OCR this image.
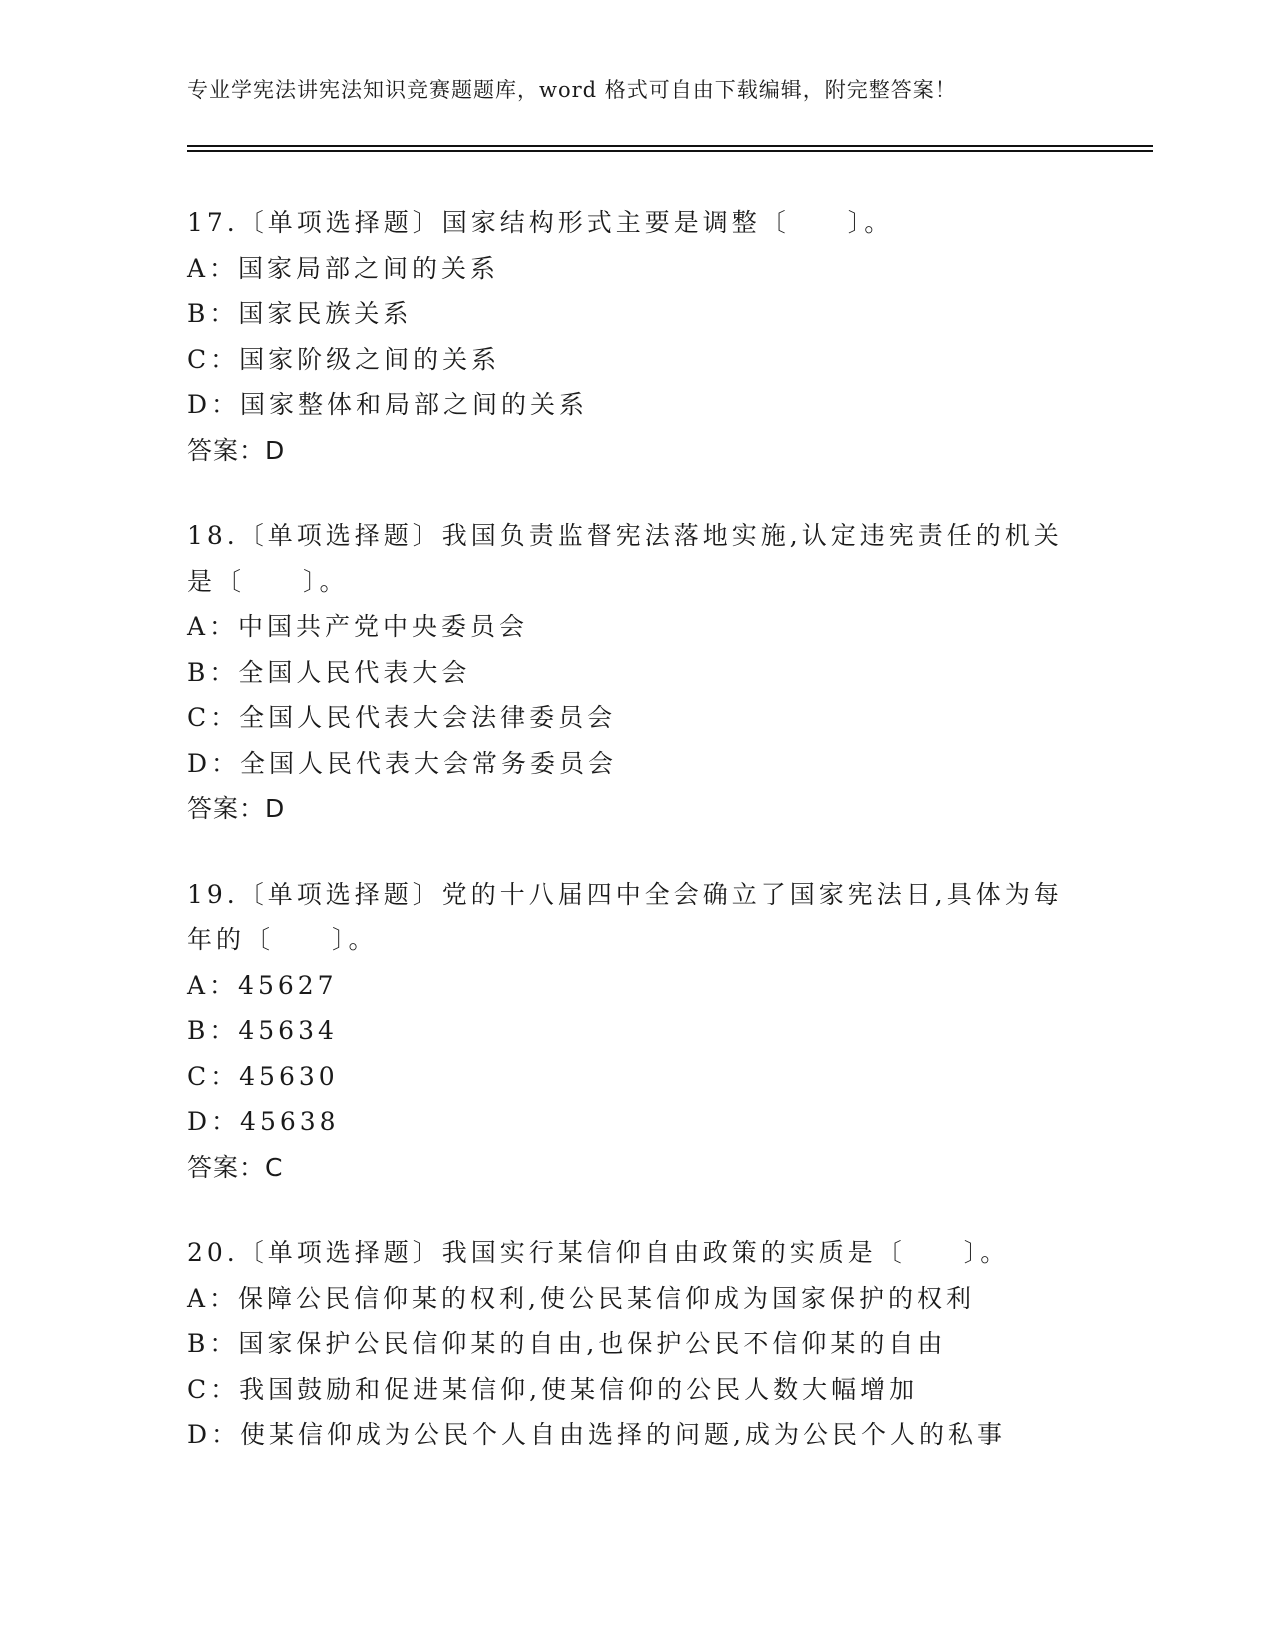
专业学宪法讲宪法知识竞赛题题库，word 格式可自由下载编辑，附完整答案！
17.〔单项选择题〕国家结构形式主要是调整〔　　〕。
A：国家局部之间的关系
B：国家民族关系
C：国家阶级之间的关系
D：国家整体和局部之间的关系
答案：D
18.〔单项选择题〕我国负责监督宪法落地实施,认定违宪责任的机关
是〔　　〕。
A：中国共产党中央委员会
B：全国人民代表大会
C：全国人民代表大会法律委员会
D：全国人民代表大会常务委员会
答案：D
19.〔单项选择题〕党的十八届四中全会确立了国家宪法日,具体为每
年的〔　　〕。
A：45627
B：45634
C：45630
D：45638
答案：C
20.〔单项选择题〕我国实行某信仰自由政策的实质是〔　　〕。
A：保障公民信仰某的权利,使公民某信仰成为国家保护的权利
B：国家保护公民信仰某的自由,也保护公民不信仰某的自由
C：我国鼓励和促进某信仰,使某信仰的公民人数大幅增加
D：使某信仰成为公民个人自由选择的问题,成为公民个人的私事
